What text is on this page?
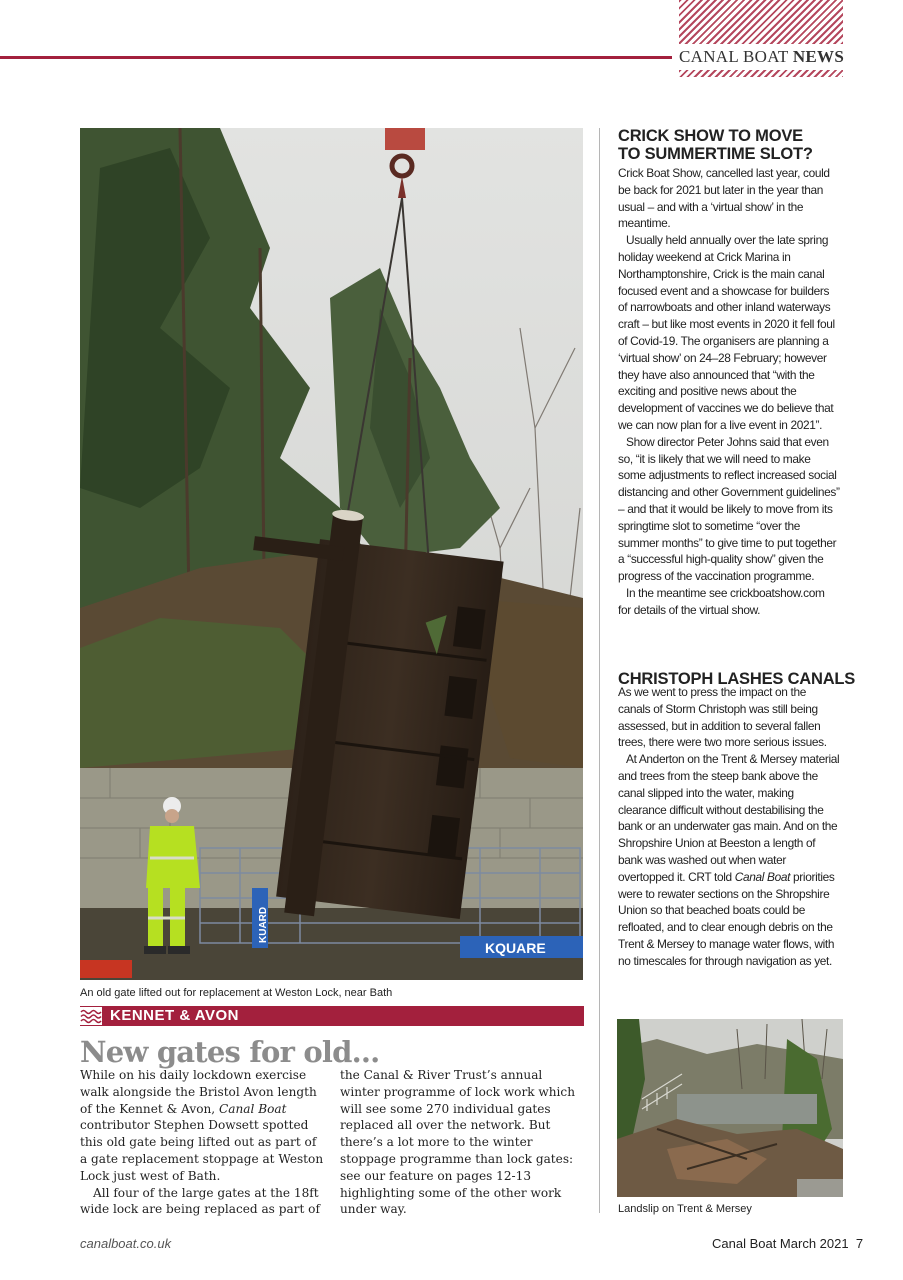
CANAL BOAT NEWS
KQUARE
KUARD
An old gate lifted out for replacement at Weston Lock, near Bath
KENNET & AVON
New gates for old...

While on his daily lockdown exercise

walk alongside the Bristol Avon length

of the Kennet & Avon, Canal Boat

contributor Stephen Dowsett spotted

this old gate being lifted out as part of

a gate replacement stoppage at Weston

Lock just west of Bath.

All four of the large gates at the 18ft

wide lock are being replaced as part of

the Canal & River Trust’s annual

winter programme of lock work which

will see some 270 individual gates

replaced all over the network. But

there’s a lot more to the winter

stoppage programme than lock gates:

see our feature on pages 12-13

highlighting some of the other work

under way.

CRICK SHOW TO MOVE
TO SUMMERTIME SLOT?

Crick Boat Show, cancelled last year, could be back for 2021 but later in the year than usual – and with a ‘virtual show’ in the meantime.

Usually held annually over the late spring holiday weekend at Crick Marina in Northamptonshire, Crick is the main canal focused event and a showcase for builders of narrowboats and other inland waterways craft – but like most events in 2020 it fell foul of Covid-19. The organisers are planning a ‘virtual show’ on 24–28 February; however they have also announced that “with the exciting and positive news about the development of vaccines we do believe that we can now plan for a live event in 2021”.

Show director Peter Johns said that even so, “it is likely that we will need to make some adjustments to reflect increased social distancing and other Government guidelines” – and that it would be likely to move from its springtime slot to sometime “over the summer months” to give time to put together a “successful high-quality show” given the progress of the vaccination programme.

In the meantime see crickboatshow.com for details of the virtual show.

CHRISTOPH LASHES CANALS

As we went to press the impact on the canals of Storm Christoph was still being assessed, but in addition to several fallen trees, there were two more serious issues.

At Anderton on the Trent & Mersey material and trees from the steep bank above the canal slipped into the water, making clearance difficult without destabilising the bank or an underwater gas main. And on the Shropshire Union at Beeston a length of bank was washed out when water overtopped it. CRT told Canal Boat priorities were to rewater sections on the Shropshire Union so that beached boats could be refloated, and to clear enough debris on the Trent & Mersey to manage water flows, with no timescales for through navigation as yet.

Landslip on Trent & Mersey
canalboat.co.uk	Canal Boat March 2021 7
